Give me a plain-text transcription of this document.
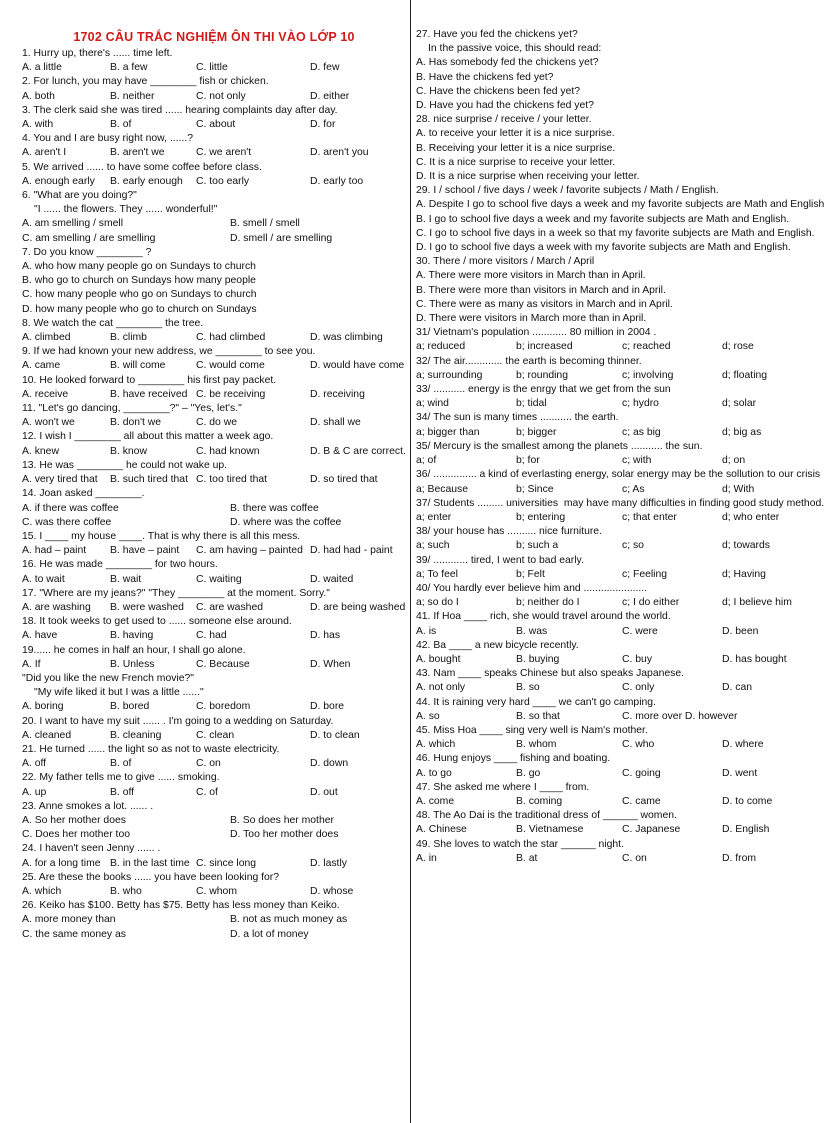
1702 CÂU TRẮC NGHIỆM ÔN THI VÀO LỚP 10
1. Hurry up, there's ...... time left.
A. a little	B. a few	C. little	D. few
2. For lunch, you may have ________ fish or chicken.
A. both	B. neither	C. not only	D. either
3. The clerk said she was tired ...... hearing complaints day after day.
A. with	B. of	C. about	D. for
4. You and I are busy right now, ......?
A. aren't I	B. aren't we	C. we aren't	D. aren't you
5. We arrived ...... to have some coffee before class.
A. enough early	B. early enough	C. too early	D. early too
6. "What are you doing?"
"I ...... the flowers. They ...... wonderful!"
A. am smelling / smell	B. smell / smell
C. am smelling / are smelling	D. smell / are smelling
7. Do you know ________ ?
A. who how many people go on Sundays to church
B. who go to church on Sundays how many people
C. how many people who go on Sundays to church
D. how many people who go to church on Sundays
8. We watch the cat ________ the tree.
A. climbed	B. climb	C. had climbed	D. was climbing
9. If we had known your new address, we ________ to see you.
A. came	B. will come	C. would come	D. would have come
10. He looked forward to ________ his first pay packet.
A. receive	B. have received C. be receiving	D. receiving
11. "Let's go dancing, ________?" – "Yes, let's."
A. won't we	B. don't we	C. do we	D. shall we
12. I wish I ________ all about this matter a week ago.
A. knew	B. know	C. had known	D. B & C are correct.
13. He was ________ he could not wake up.
A. very tired that	B. such tired that C. too tired that	D. so tired that
14. Joan asked ________.
A. if there was coffee	B. there was coffee
C. was there coffee	D. where was the coffee
15. I ____ my house ____. That is why there is all this mess.
A. had – paint	B. have – paint	C. am having – painted D. had had - paint
16. He was made ________ for two hours.
A. to wait	B. wait	C. waiting	D. waited
17. "Where are my jeans?" "They ________ at the moment. Sorry."
A. are washing	B. were washed	C. are washed	D. are being washed
18. It took weeks to get used to ...... someone else around.
A. have	B. having	C. had	D. has
19...... he comes in half an hour, I shall go alone.
A. If	B. Unless	C. Because	D. When
"Did you like the new French movie?"
"My wife liked it but I was a little ......"
A. boring	B. bored	C. boredom	D. bore
20. I want to have my suit ...... . I'm going to a wedding on Saturday.
A. cleaned	B. cleaning	C. clean	D. to clean
21. He turned ...... the light so as not to waste electricity.
A. off	B. of	C. on	D. down
22. My father tells me to give ...... smoking.
A. up	B. off	C. of	D. out
23. Anne smokes a lot. ...... .
A. So her mother does	B. So does her mother
C. Does her mother too	D. Too her mother does
24. I haven't seen Jenny ...... .
A. for a long time B. in the last time C. since long	D. lastly
25. Are these the books ...... you have been looking for?
A. which	B. who	C. whom	D. whose
26. Keiko has $100. Betty has $75. Betty has less money than Keiko.
A. more money than	B. not as much money as
C. the same money as	D. a lot of money
27. Have you fed the chickens yet?
In the passive voice, this should read:
A. Has somebody fed the chickens yet?
B. Have the chickens fed yet?
C. Have the chickens been fed yet?
D. Have you had the chickens fed yet?
28. nice surprise / receive / your letter.
A. to receive your letter it is a nice surprise.
B. Receiving your letter it is a nice surprise.
C. It is a nice surprise to receive your letter.
D. It is a nice surprise when receiving your letter.
29. I / school / five days / week / favorite subjects / Math / English.
A. Despite I go to school five days a week and my favorite subjects are Math and English
B. I go to school five days a week and my favorite subjects are Math and English.
C. I go to school five days in a week so that my favorite subjects are Math and English.
D. I go to school five days a week with my favorite subjects are Math and English.
30. There / more visitors / March / April
A. There were more visitors in March than in April.
B. There were more than visitors in March and in April.
C. There were as many as visitors in March and in April.
D. There were visitors in March more than in April.
31/ Vietnam's population ............ 80 million in 2004 .
a; reduced	b; increased	c; reached	d; rose
32/ The air............. the earth is becoming thinner.
a; surrounding	b; rounding	c; involving	d; floating
33/ ........... energy is the enrgy that we get from the sun
a; wind	b; tidal	c; hydro	d; solar
34/ The sun is many times ........... the earth.
a; bigger than	b; bigger	c; as big	d; big as
35/ Mercury is the smallest among the planets ........... the sun.
a; of	b; for	c; with	d; on
36/ ............... a kind of everlasting energy, solar energy may be the sollution to our crisis
a; Because	b; Since	c; As	d; With
37/ Students ......... universities  may have many difficulties in finding good study method.
a; enter	b; entering	c; that enter	d; who enter
38/ your house has .......... nice furniture.
a; such	b; such a	c; so	d; towards
39/ ............ tired, I went to bad early.
a; To feel	b; Felt	c; Feeling	d; Having
40/ You hardly ever believe him and ......................
a; so do I	b; neither do I	c; I do either	d; I believe him
41. If Hoa ____ rich, she would travel around the world.
A. is	B. was	C. were	D. been
42. Ba ____ a new bicycle recently.
A. bought	B. buying	C. buy	D. has bought
43. Nam ____ speaks Chinese but also speaks Japanese.
A. not only	B. so	C. only	D. can
44. It is raining very hard ____ we can't go camping.
A. so	B. so that	C. more over D. however
45. Miss Hoa ____ sing very well is Nam's mother.
A. which	B. whom	C. who	D. where
46. Hung enjoys ____ fishing and boating.
A. to go	B. go	C. going	D. went
47. She asked me where I ____ from.
A. come	B. coming	C. came	D. to come
48. The Ao Dai is the traditional dress of ______ women.
A. Chinese	B. Vietnamese	C. Japanese	D. English
49. She loves to watch the star ______ night.
A. in	B. at	C. on	D. from
